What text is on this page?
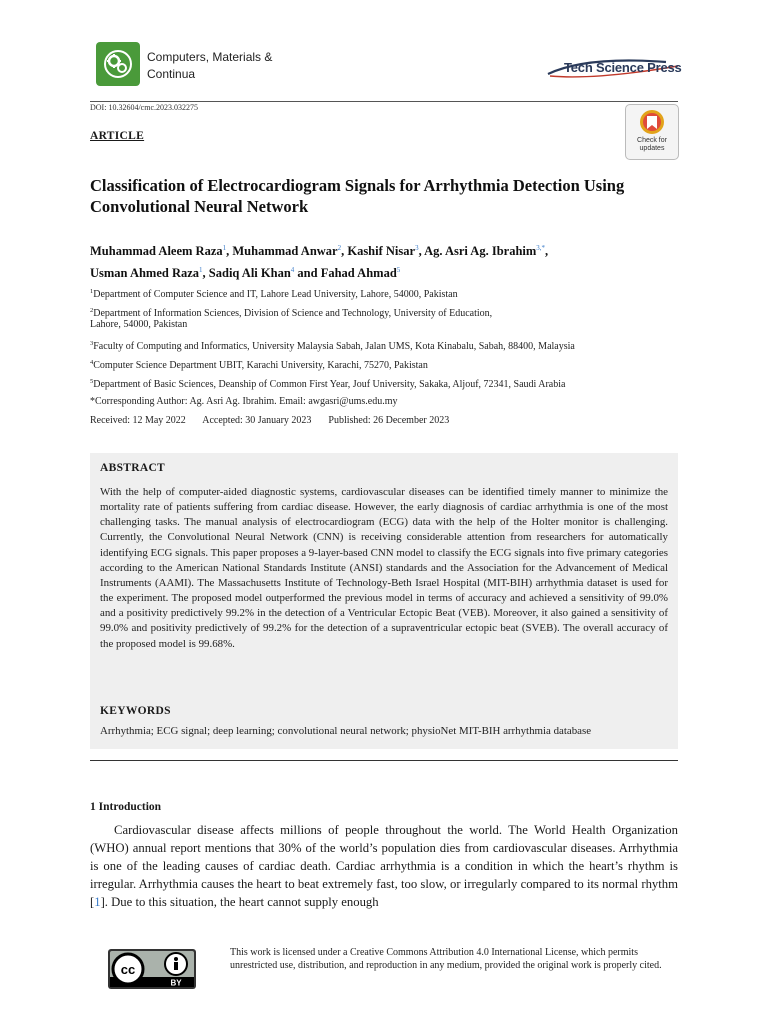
Computers, Materials &
Continua	Tech Science Press
DOI: 10.32604/cmc.2023.032275
ARTICLE	Check for
updates
Classification of Electrocardiogram Signals for Arrhythmia Detection Using
Convolutional Neural Network
Muhammad Aleem Raza$^1$, Muhammad Anwar$^2$, Kashif Nisar$^3$, Ag. Asri Ag. Ibrahim$^{3,*}$,
Usman Ahmed Raza$^1$, Sadiq Ali Khan$^4$ and Fahad Ahmad$^5$
$^1$Department of Computer Science and IT, Lahore Lead University, Lahore, 54000, Pakistan
$^2$Department of Information Sciences, Division of Science and Technology, University of Education,
Lahore, 54000, Pakistan
$^3$Faculty of Computing and Informatics, University Malaysia Sabah, Jalan UMS, Kota Kinabalu, Sabah, 88400, Malaysia
$^4$Computer Science Department UBIT, Karachi University, Karachi, 75270, Pakistan
$^5$Department of Basic Sciences, Deanship of Common First Year, Jouf University, Sakaka, Aljouf, 72341, Saudi Arabia
*Corresponding Author: Ag. Asri Ag. Ibrahim. Email: awgasri@ums.edu.my
Received: 12 May 2022 Accepted: 30 January 2023 Published: 26 December 2023
ABSTRACT
With the help of computer-aided diagnostic systems, cardiovascular diseases can be identified timely manner to minimize the mortality rate of patients suffering from cardiac disease. However, the early diagnosis of cardiac arrhythmia is one of the most challenging tasks. The manual analysis of electrocardiogram (ECG) data with the help of the Holter monitor is challenging. Currently, the Convolutional Neural Network (CNN) is receiving considerable attention from researchers for automatically identifying ECG signals. This paper proposes a 9-layer-based CNN model to classify the ECG signals into five primary categories according to the American National Standards Institute (ANSI) standards and the Association for the Advancement of Medical Instruments (AAMI). The Massachusetts Institute of Technology-Beth Israel Hospital (MIT-BIH) arrhythmia dataset is used for the experiment. The proposed model outperformed the previous model in terms of accuracy and achieved a sensitivity of 99.0% and a positivity predictively 99.2% in the detection of a Ventricular Ectopic Beat (VEB). Moreover, it also gained a sensitivity of 99.0% and positivity predictively of 99.2% for the detection of a supraventricular ectopic beat (SVEB). The overall accuracy of the proposed model is 99.68%.
KEYWORDS
Arrhythmia; ECG signal; deep learning; convolutional neural network; physioNet MIT-BIH arrhythmia database
1 Introduction
Cardiovascular disease affects millions of people throughout the world. The World Health Organization (WHO) annual report mentions that 30% of the world’s population dies from cardiovascular diseases. Arrhythmia is one of the leading causes of cardiac death. Cardiac arrhythmia is a condition in which the heart’s rhythm is irregular. Arrhythmia causes the heart to beat extremely fast, too slow, or irregularly compared to its normal rhythm [1]. Due to this situation, the heart cannot supply enough
cc
BY
This work is licensed under a Creative Commons Attribution 4.0 International License, which permits unrestricted use, distribution, and reproduction in any medium, provided the original work is properly cited.
